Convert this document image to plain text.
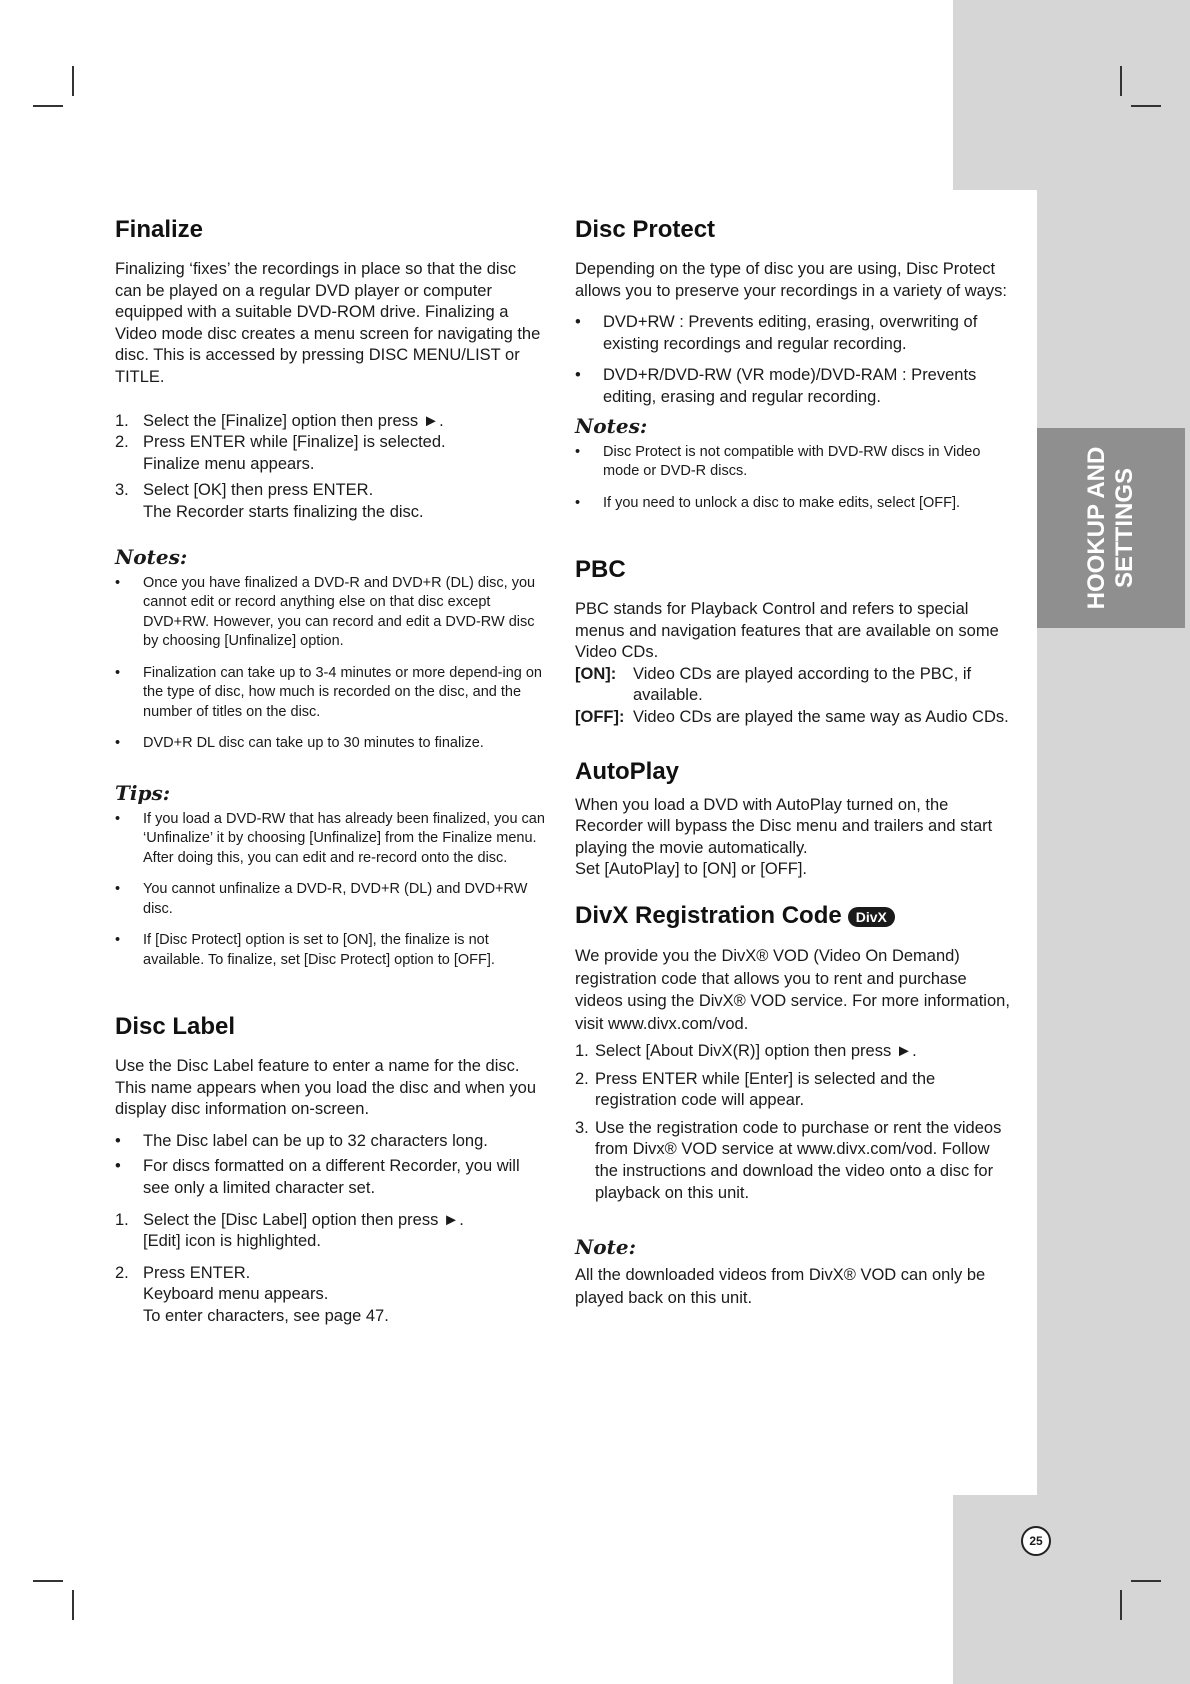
HOOKUP AND SETTINGS
Finalize

Finalizing ‘fixes’ the recordings in place so that the disc can be played on a regular DVD player or computer equipped with a suitable DVD-ROM drive. Finalizing a Video mode disc creates a menu screen for navigating the disc. This is accessed by pressing DISC MENU/LIST or TITLE.

1. Select the [Finalize] option then press ►.
2. Press ENTER while [Finalize] is selected.
Finalize menu appears.
3. Select [OK] then press ENTER.
The Recorder starts finalizing the disc.
Notes:
• Once you have finalized a DVD-R and DVD+R (DL) disc, you cannot edit or record anything else on that disc except DVD+RW. However, you can record and edit a DVD-RW disc by choosing [Unfinalize] option.
• Finalization can take up to 3-4 minutes or more depend-ing on the type of disc, how much is recorded on the disc, and the number of titles on the disc.
• DVD+R DL disc can take up to 30 minutes to finalize.
Tips:
• If you load a DVD-RW that has already been finalized, you can ‘Unfinalize’ it by choosing [Unfinalize] from the Finalize menu. After doing this, you can edit and re-record onto the disc.
• You cannot unfinalize a DVD-R, DVD+R (DL) and DVD+RW disc.
• If [Disc Protect] option is set to [ON], the finalize is not available. To finalize, set [Disc Protect] option to [OFF].
Disc Label

Use the Disc Label feature to enter a name for the disc. This name appears when you load the disc and when you display disc information on-screen.

• The Disc label can be up to 32 characters long.
• For discs formatted on a different Recorder, you will see only a limited character set.
1. Select the [Disc Label] option then press ►.
[Edit] icon is highlighted.
2. Press ENTER.
Keyboard menu appears.
To enter characters, see page 47.
Disc Protect

Depending on the type of disc you are using, Disc Protect allows you to preserve your recordings in a variety of ways:

• DVD+RW : Prevents editing, erasing, overwriting of existing recordings and regular recording.
• DVD+R/DVD-RW (VR mode)/DVD-RAM : Prevents editing, erasing and regular recording.
Notes:
• Disc Protect is not compatible with DVD-RW discs in Video mode or DVD-R discs.
• If you need to unlock a disc to make edits, select [OFF].
PBC

PBC stands for Playback Control and refers to special menus and navigation features that are available on some Video CDs.

[ON]: Video CDs are played according to the PBC, if available.
[OFF]: Video CDs are played the same way as Audio CDs.
AutoPlay

When you load a DVD with AutoPlay turned on, the Recorder will bypass the Disc menu and trailers and start playing the movie automatically.

Set [AutoPlay] to [ON] or [OFF].

DivX Registration Code DivX

We provide you the DivX® VOD (Video On Demand) registration code that allows you to rent and purchase videos using the DivX® VOD service. For more information, visit www.divx.com/vod.

1. Select [About DivX(R)] option then press ►.
2. Press ENTER while [Enter] is selected and the registration code will appear.
3. Use the registration code to purchase or rent the videos from Divx® VOD service at www.divx.com/vod. Follow the instructions and download the video onto a disc for playback on this unit.
Note:

All the downloaded videos from DivX® VOD can only be played back on this unit.

25
